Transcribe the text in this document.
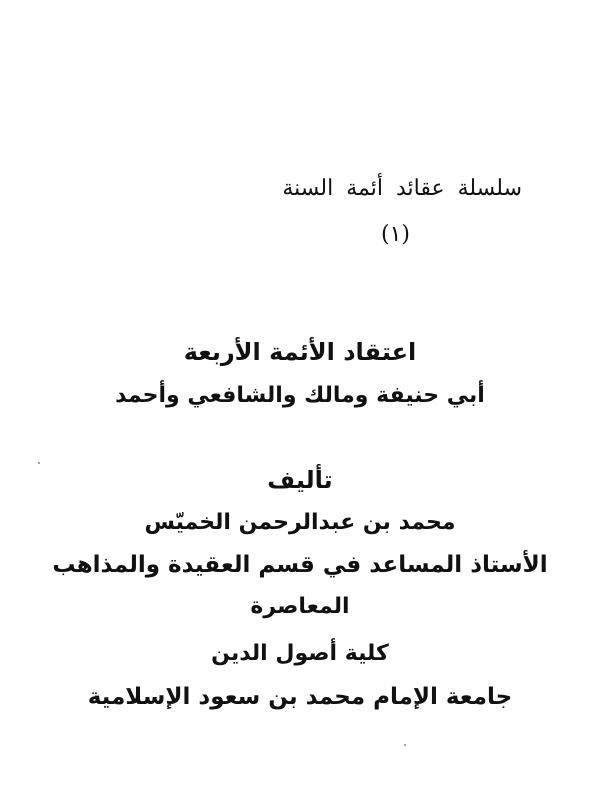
سلسلة عقائد أئمة السنة
(١)
اعتقاد الأئمة الأربعة
أبي حنيفة ومالك والشافعي وأحمد
تأليف
محمد بن عبدالرحمن الخميّس
الأستاذ المساعد في قسم العقيدة والمذاهب
المعاصرة
كلية أصول الدين
جامعة الإمام محمد بن سعود الإسلامية
